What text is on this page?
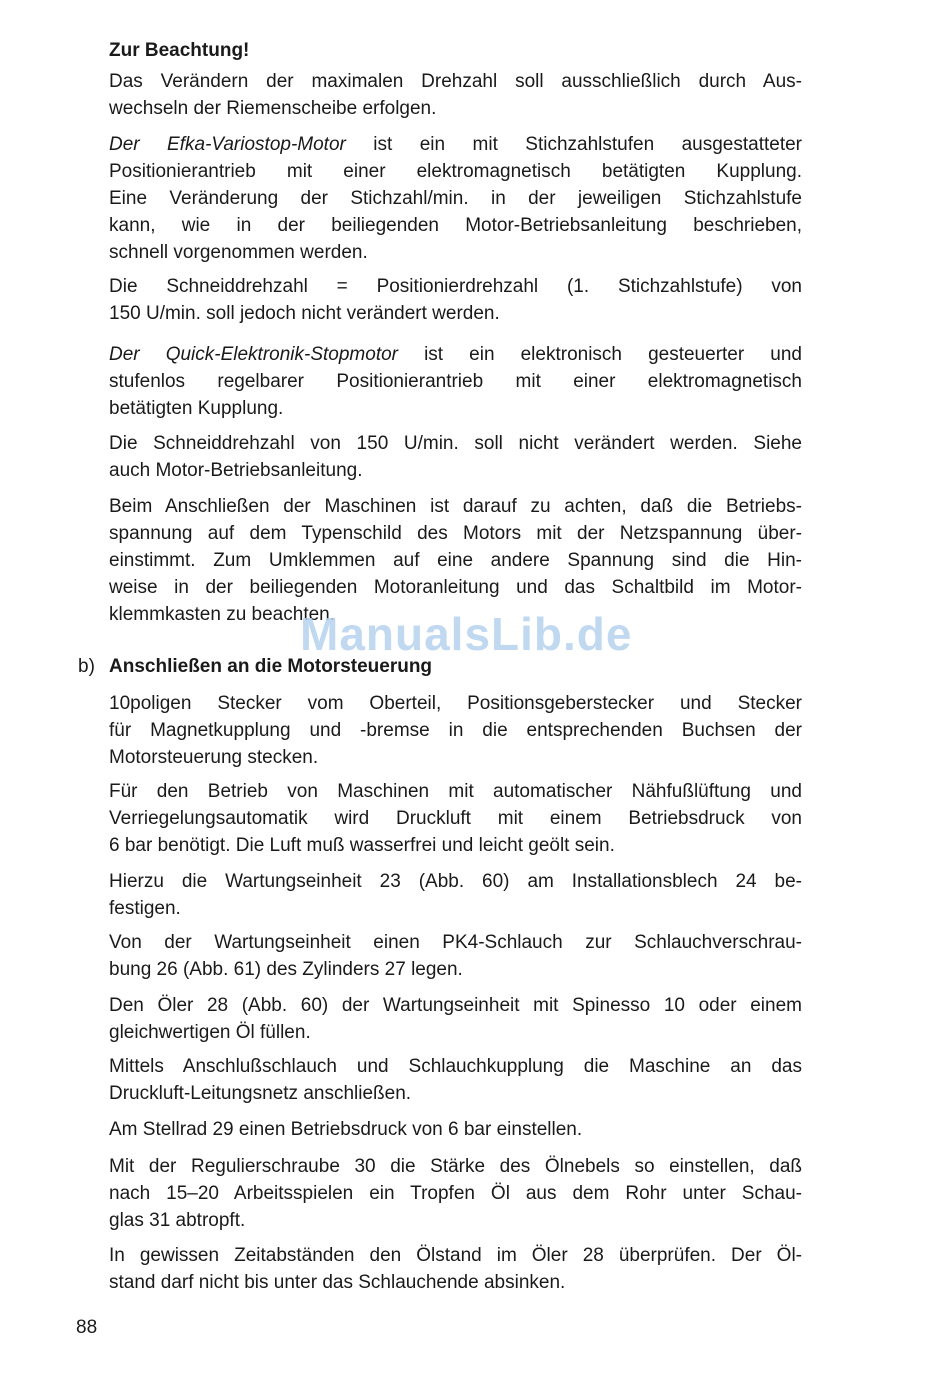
Zur Beachtung!
Das Verändern der maximalen Drehzahl soll ausschließlich durch Aus-
wechseln der Riemenscheibe erfolgen.
Der Efka-Variostop-Motor ist ein mit Stichzahlstufen ausgestatteter
Positionierantrieb mit einer elektromagnetisch betätigten Kupplung.
Eine Veränderung der Stichzahl/min. in der jeweiligen Stichzahlstufe
kann, wie in der beiliegenden Motor-Betriebsanleitung beschrieben,
schnell vorgenommen werden.
Die Schneiddrehzahl = Positionierdrehzahl (1. Stichzahlstufe) von
150 U/min. soll jedoch nicht verändert werden.
Der Quick-Elektronik-Stopmotor ist ein elektronisch gesteuerter und
stufenlos regelbarer Positionierantrieb mit einer elektromagnetisch
betätigten Kupplung.
Die Schneiddrehzahl von 150 U/min. soll nicht verändert werden. Siehe
auch Motor-Betriebsanleitung.
Beim Anschließen der Maschinen ist darauf zu achten, daß die Betriebs-
spannung auf dem Typenschild des Motors mit der Netzspannung über-
einstimmt. Zum Umklemmen auf eine andere Spannung sind die Hin-
weise in der beiliegenden Motoranleitung und das Schaltbild im Motor-
klemmkasten zu beachten.
ManualsLib.de
b) Anschließen an die Motorsteuerung
10poligen Stecker vom Oberteil, Positionsgeberstecker und Stecker
für Magnetkupplung und -bremse in die entsprechenden Buchsen der
Motorsteuerung stecken.
Für den Betrieb von Maschinen mit automatischer Nähfußlüftung und
Verriegelungsautomatik wird Druckluft mit einem Betriebsdruck von
6 bar benötigt. Die Luft muß wasserfrei und leicht geölt sein.
Hierzu die Wartungseinheit 23 (Abb. 60) am Installationsblech 24 be-
festigen.
Von der Wartungseinheit einen PK4-Schlauch zur Schlauchverschrau-
bung 26 (Abb. 61) des Zylinders 27 legen.
Den Öler 28 (Abb. 60) der Wartungseinheit mit Spinesso 10 oder einem
gleichwertigen Öl füllen.
Mittels Anschlußschlauch und Schlauchkupplung die Maschine an das
Druckluft-Leitungsnetz anschließen.
Am Stellrad 29 einen Betriebsdruck von 6 bar einstellen.
Mit der Regulierschraube 30 die Stärke des Ölnebels so einstellen, daß
nach 15–20 Arbeitsspielen ein Tropfen Öl aus dem Rohr unter Schau-
glas 31 abtropft.
In gewissen Zeitabständen den Ölstand im Öler 28 überprüfen. Der Öl-
stand darf nicht bis unter das Schlauchende absinken.
88
